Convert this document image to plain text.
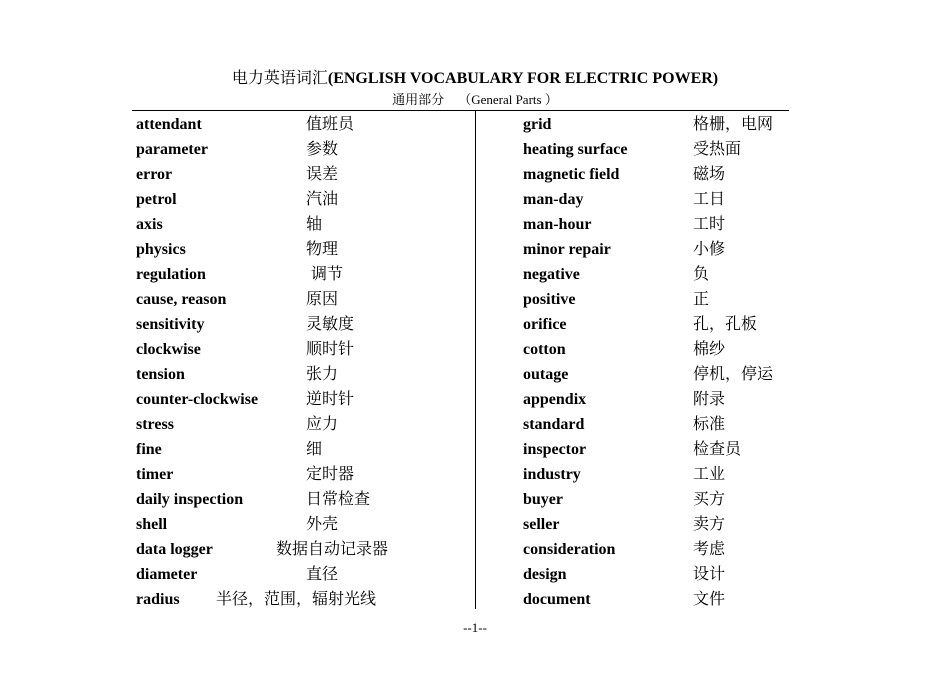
电力英语词汇(ENGLISH VOCABULARY FOR ELECTRIC POWER)
通用部分 （General Parts ）
attendant	值班员
parameter	参数
error	误差
petrol	汽油
axis	轴
physics	物理
regulation	调节
cause, reason	原因
sensitivity	灵敏度
clockwise	顺时针
tension	张力
counter-clockwise	逆时针
stress	应力
fine	细
timer	定时器
daily inspection	日常检查
shell	外壳
data logger	数据自动记录器
diameter	直径
radius 半径，范围，辐射光线
grid	格栅，电网
heating surface	受热面
magnetic field	磁场
man-day	工日
man-hour	工时
minor repair	小修
negative	负
positive	正
orifice	孔，孔板
cotton	棉纱
outage	停机，停运
appendix	附录
standard	标准
inspector	检查员
industry	工业
buyer	买方
seller	卖方
consideration	考虑
design	设计
document	文件
--1--
